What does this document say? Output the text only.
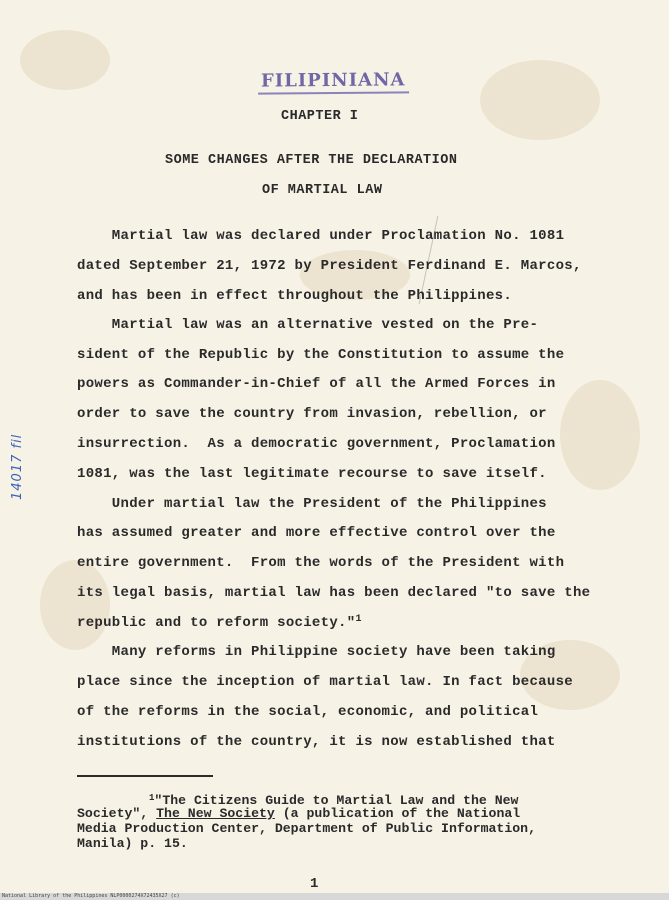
FILIPINIANA
CHAPTER I
SOME CHANGES AFTER THE DECLARATION
OF MARTIAL LAW
Martial law was declared under Proclamation No. 1081
dated September 21, 1972 by President Ferdinand E. Marcos,
and has been in effect throughout the Philippines.
Martial law was an alternative vested on the Pre-
sident of the Republic by the Constitution to assume the
powers as Commander-in-Chief of all the Armed Forces in
order to save the country from invasion, rebellion, or
insurrection.  As a democratic government, Proclamation
1081, was the last legitimate recourse to save itself.
Under martial law the President of the Philippines
has assumed greater and more effective control over the
entire government.  From the words of the President with
its legal basis, martial law has been declared "to save the
republic and to reform society."$^1$
Many reforms in Philippine society have been taking
place since the inception of martial law. In fact because
of the reforms in the social, economic, and political
institutions of the country, it is now established that
$^1$"The Citizens Guide to Martial Law and the New
Society", The New Society (a publication of the National
Media Production Center, Department of Public Information,
Manila) p. 15.
1
14017 fil
National Library of the Philippines NLP0000274X72435X27 (c)
